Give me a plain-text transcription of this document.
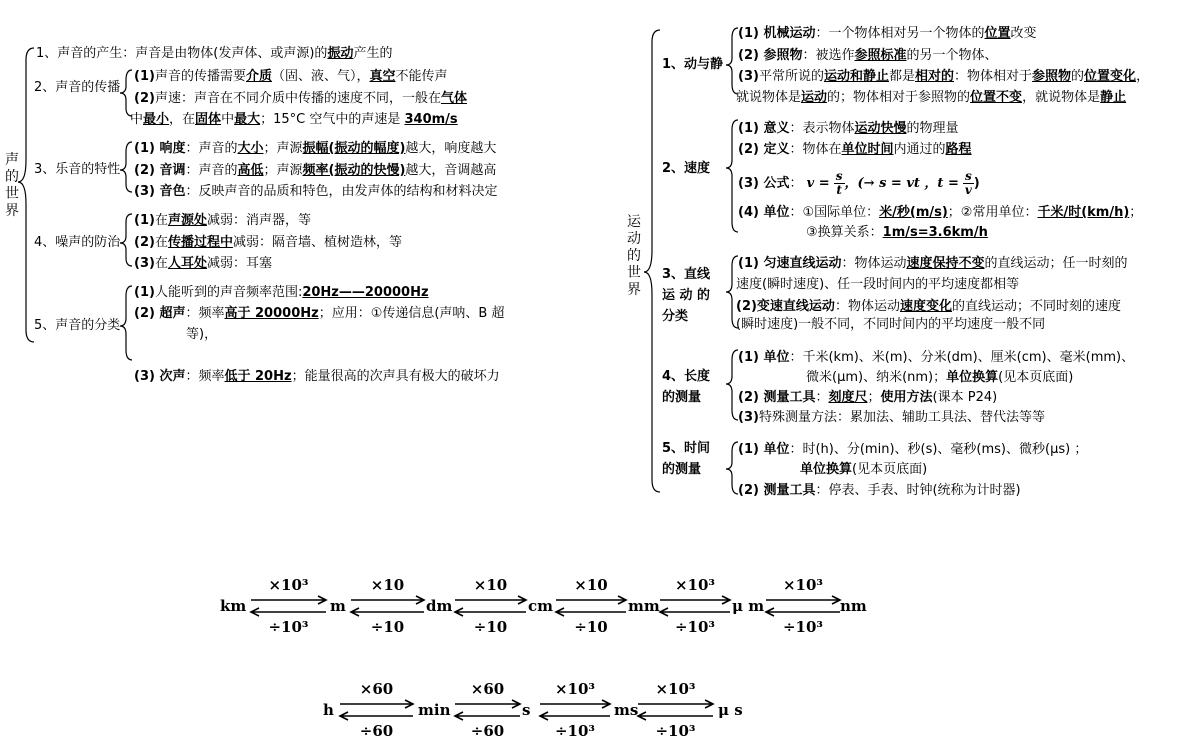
声
的
世
界
1、声音的产生：声音是由物体(发声体、或声源)的振动产生的
2、声音的传播
(1)声音的传播需要介质（固、液、气），真空不能传声
(2)声速：声音在不同介质中传播的速度不同，一般在气体
中最小，在固体中最大；15°C 空气中的声速是 340m/s
3、乐音的特性
(1) 响度：声音的大小；声源振幅(振动的幅度)越大，响度越大
(2) 音调：声音的高低；声源频率(振动的快慢)越大，音调越高
(3) 音色：反映声音的品质和特色，由发声体的结构和材料决定
4、噪声的防治
(1)在声源处减弱：消声器，等
(2)在传播过程中减弱：隔音墙、植树造林，等
(3)在人耳处减弱：耳塞
5、声音的分类
(1)人能听到的声音频率范围:20Hz——20000Hz
(2) 超声：频率高于 20000Hz；应用：①传递信息(声呐、B 超
等)，
(3) 次声：频率低于 20Hz；能量很高的次声具有极大的破坏力
运
动
的
世
界
1、动与静
(1) 机械运动：一个物体相对另一个物体的位置改变
(2) 参照物：被选作参照标准的另一个物体、
(3)平常所说的运动和静止都是相对的：物体相对于参照物的位置变化，
就说物体是运动的；物体相对于参照物的位置不变，就说物体是静止
2、速度
(1) 意义：表示物体运动快慢的物理量
(2) 定义：物体在单位时间内通过的路程
(3) 公式： $v = \frac{s}{t}$ ，(→ s = vt ，$t = \frac{s}{v}$ )
(4) 单位：①国际单位：米/秒(m/s)；②常用单位：千米/时(km/h)；
③换算关系：1m/s=3.6km/h
3、直线
运 动 的
分类
(1) 匀速直线运动：物体运动速度保持不变的直线运动；任一时刻的
速度(瞬时速度)、任一段时间内的平均速度都相等
(2)变速直线运动：物体运动速度变化的直线运动；不同时刻的速度
(瞬时速度)一般不同，不同时间内的平均速度一般不同
4、长度
的测量
(1) 单位：千米(km)、米(m)、分米(dm)、厘米(cm)、毫米(mm)、
微米(μm)、纳米(nm)；单位换算(见本页底面)
(2) 测量工具：刻度尺；使用方法(课本 P24)
(3)特殊测量方法：累加法、辅助工具法、替代法等等
5、时间
的测量
(1) 单位：时(h)、分(min)、秒(s)、毫秒(ms)、微秒(μs) ；
单位换算(见本页底面)
(2) 测量工具：停表、手表、时钟(统称为计时器)
km	m	dm	cm	mm	μ m	nm
×10³
÷10³
×10
÷10
×10
÷10
×10
÷10
×10³
÷10³
×10³
÷10³
h	min	s	ms	μ s
×60
÷60
×60
÷60
×10³
÷10³
×10³
÷10³
